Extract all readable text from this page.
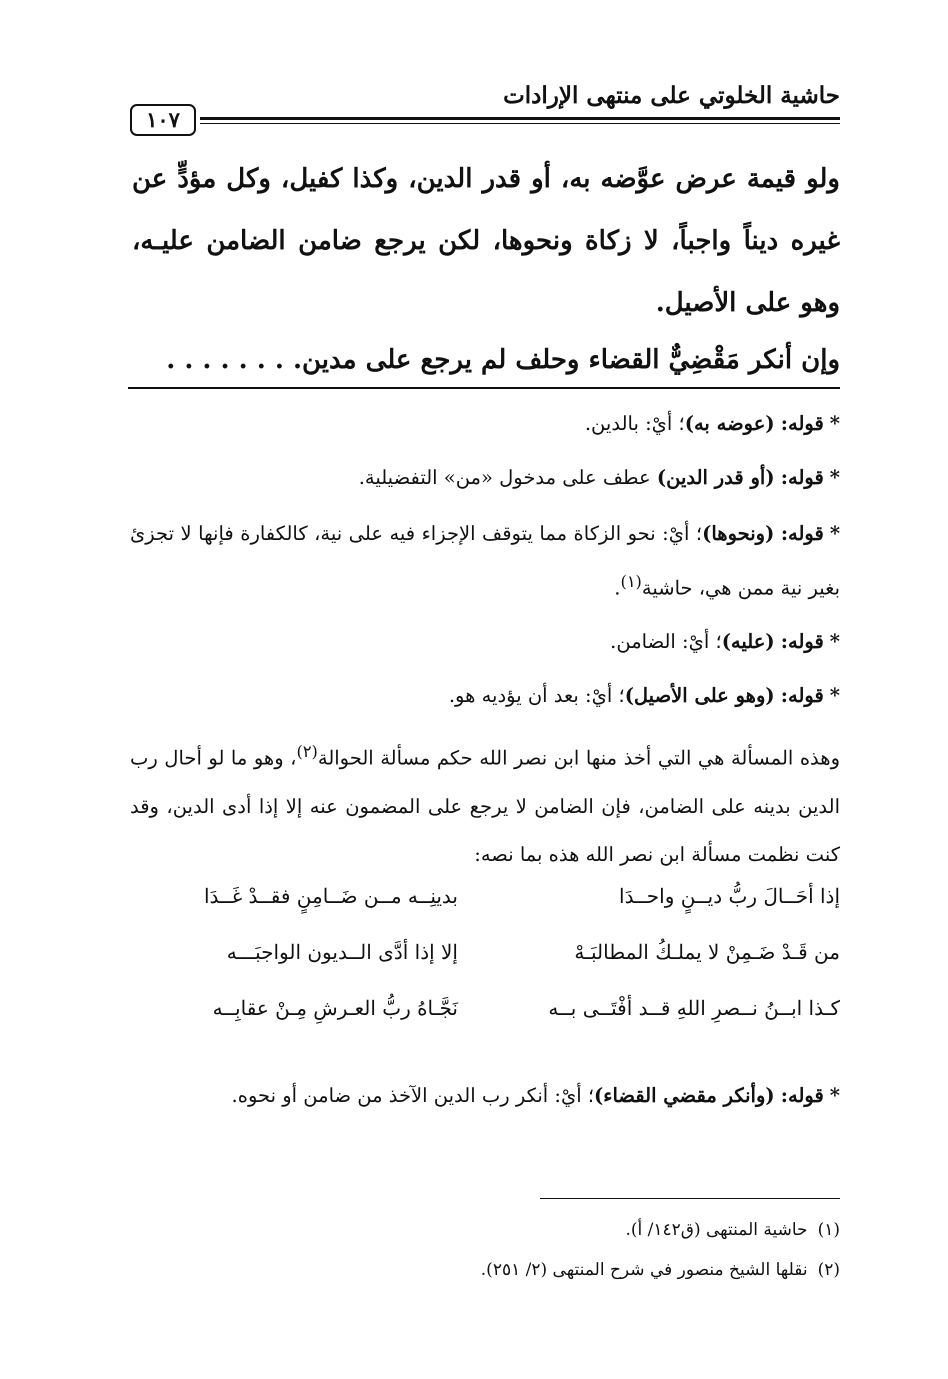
حاشية الخلوتي على منتهى الإرادات
١٠٧
ولو قيمة عرض عوَّضه به، أو قدر الدين، وكذا كفيل، وكل مؤدٍّ عن غيره ديناً واجباً، لا زكاة ونحوها، لكن يرجع ضامن الضامن عليـه، وهو على الأصيل.
وإن أنكر مَقْضِيٌّ القضاء وحلف لم يرجع على مدين. . . . . . . .
*قوله: (عوضه به)؛ أيْ: بالدين.
*قوله: (أو قدر الدين) عطف على مدخول «من» التفضيلية.
*قوله: (ونحوها)؛ أيْ: نحو الزكاة مما يتوقف الإجزاء فيه على نية، كالكفارة فإنها لا تجزئ بغير نية ممن هي، حاشية$^{(١)}$.
*قوله: (عليه)؛ أيْ: الضامن.
*قوله: (وهو على الأصيل)؛ أيْ: بعد أن يؤديه هو.
وهذه المسألة هي التي أخذ منها ابن نصر الله حكم مسألة الحوالة$^{(٢)}$، وهو ما لو أحال رب الدين بدينه على الضامن، فإن الضامن لا يرجع على المضمون عنه إلا إذا أدى الدين، وقد كنت نظمت مسألة ابن نصر الله هذه بما نصه:
إذا أحَــالَ ربُّ ديــنٍ واحــدَا
بدينِــه مــن ضَــامِنٍ فقــدْ غَــدَا
من قَـدْ ضَـمِنْ لا يملـكُ المطالبَـهْ
إلا إذا أدَّى الــديون الواجبَـــه
كـذا ابــنُ نــصرِ اللهِ قــد أفْتَــى بــه
نَجَّـاهُ ربُّ العـرشِ مِـنْ عقابِــه
*قوله: (وأنكر مقضي القضاء)؛ أيْ: أنكر رب الدين الآخذ من ضامن أو نحوه.
(١)حاشية المنتهى (ق١٤٢/ أ).
(٢)نقلها الشيخ منصور في شرح المنتهى (٢/ ٢٥١).
